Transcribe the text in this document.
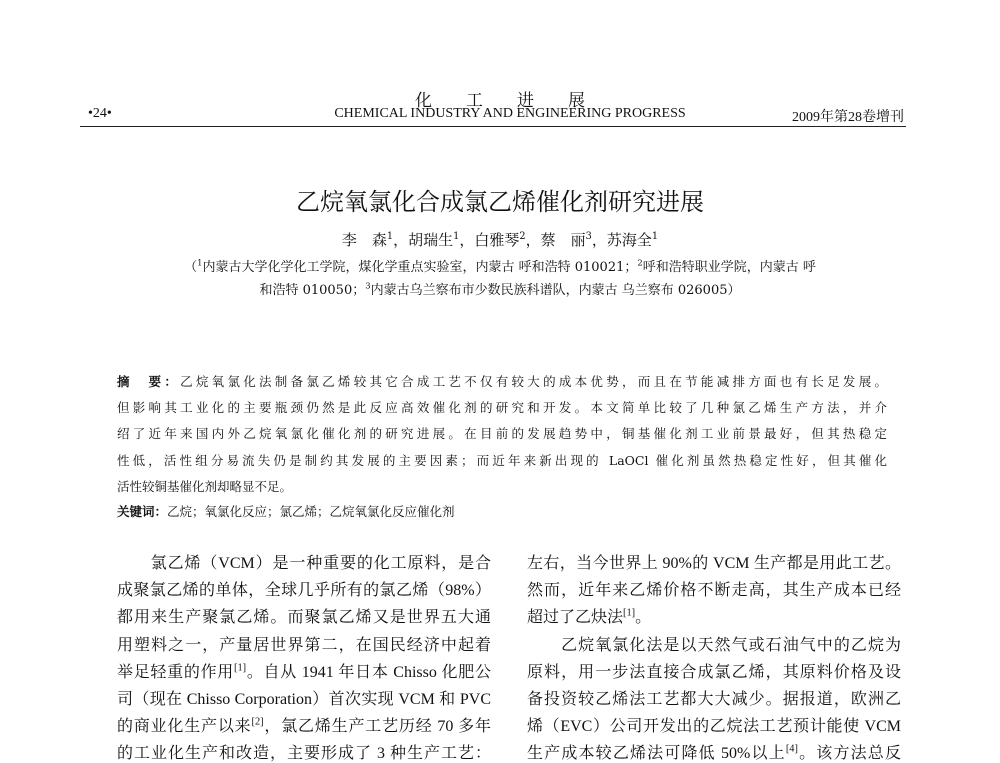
化工进展
•24•	CHEMICAL INDUSTRY AND ENGINEERING PROGRESS	2009年第28卷增刊
乙烷氧氯化合成氯乙烯催化剂研究进展
李　森$^1$，胡瑞生$^1$，白雅琴$^2$，蔡　丽$^3$，苏海全$^1$
（$^1$内蒙古大学化学化工学院，煤化学重点实验室，内蒙古 呼和浩特 010021；$^2$呼和浩特职业学院，内蒙古 呼
和浩特 010050；$^3$内蒙古乌兰察布市少数民族科谱队，内蒙古 乌兰察布 026005）
摘　要：乙烷氧氯化法制备氯乙烯较其它合成工艺不仅有较大的成本优势，而且在节能减排方面也有长足发展。
但影响其工业化的主要瓶颈仍然是此反应高效催化剂的研究和开发。本文简单比较了几种氯乙烯生产方法，并介
绍了近年来国内外乙烷氧氯化催化剂的研究进展。在目前的发展趋势中，铜基催化剂工业前景最好，但其热稳定
性低，活性组分易流失仍是制约其发展的主要因素；而近年来新出现的 LaOCl 催化剂虽然热稳定性好，但其催化
活性较铜基催化剂却略显不足。
关键词：乙烷；氧氯化反应；氯乙烯；乙烷氧氯化反应催化剂
　　氯乙烯（VCM）是一种重要的化工原料，是合
成聚氯乙烯的单体，全球几乎所有的氯乙烯（98%）
都用来生产聚氯乙烯。而聚氯乙烯又是世界五大通
用塑料之一，产量居世界第二，在国民经济中起着
举足轻重的作用[1]。自从 1941 年日本 Chisso 化肥公
司（现在 Chisso Corporation）首次实现 VCM 和 PVC
的商业化生产以来[2]，氯乙烯生产工艺历经 70 多年
的工业化生产和改造，主要形成了 3 种生产工艺：
左右，当今世界上 90%的 VCM 生产都是用此工艺。
然而，近年来乙烯价格不断走高，其生产成本已经
超过了乙炔法[1]。
　　乙烷氧氯化法是以天然气或石油气中的乙烷为
原料，用一步法直接合成氯乙烯，其原料价格及设
备投资较乙烯法工艺都大大减少。据报道，欧洲乙
烯（EVC）公司开发出的乙烷法工艺预计能使 VCM
生产成本较乙烯法可降低 50%以上[4]。该方法总反
